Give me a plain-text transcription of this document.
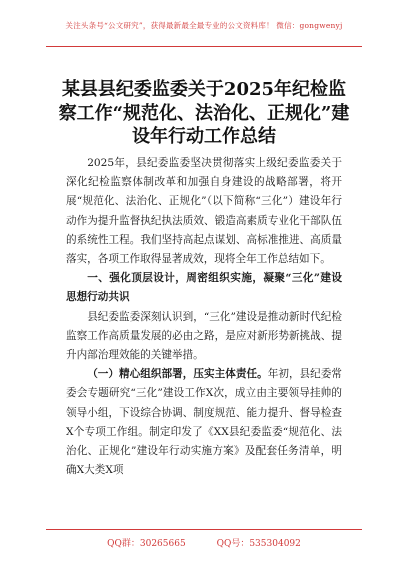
关注头条号“公文研究”，获得最新最全最专业的公文资料库！ 微信：gongwenyj
某县县纪委监委关于2025年纪检监察工作“规范化、法治化、正规化”建设年行动工作总结

2025年，县纪委监委坚决贯彻落实上级纪委监委关于深化纪检监察体制改革和加强自身建设的战略部署，将开展“规范化、法治化、正规化”（以下简称“三化”）建设年行动作为提升监督执纪执法质效、锻造高素质专业化干部队伍的系统性工程。我们坚持高起点谋划、高标准推进、高质量落实，各项工作取得显著成效，现将全年工作总结如下。

一、强化顶层设计，周密组织实施，凝聚“三化”建设思想行动共识

县纪委监委深刻认识到，“三化”建设是推动新时代纪检监察工作高质量发展的必由之路，是应对新形势新挑战、提升内部治理效能的关键举措。

（一）精心组织部署，压实主体责任。年初，县纪委常委会专题研究“三化”建设工作X次，成立由主要领导挂帅的领导小组，下设综合协调、制度规范、能力提升、督导检查X个专项工作组。制定印发了《XX县纪委监委“规范化、法治化、正规化”建设年行动实施方案》及配套任务清单，明确X大类X项

QQ群：30265665	QQ号：535304092
